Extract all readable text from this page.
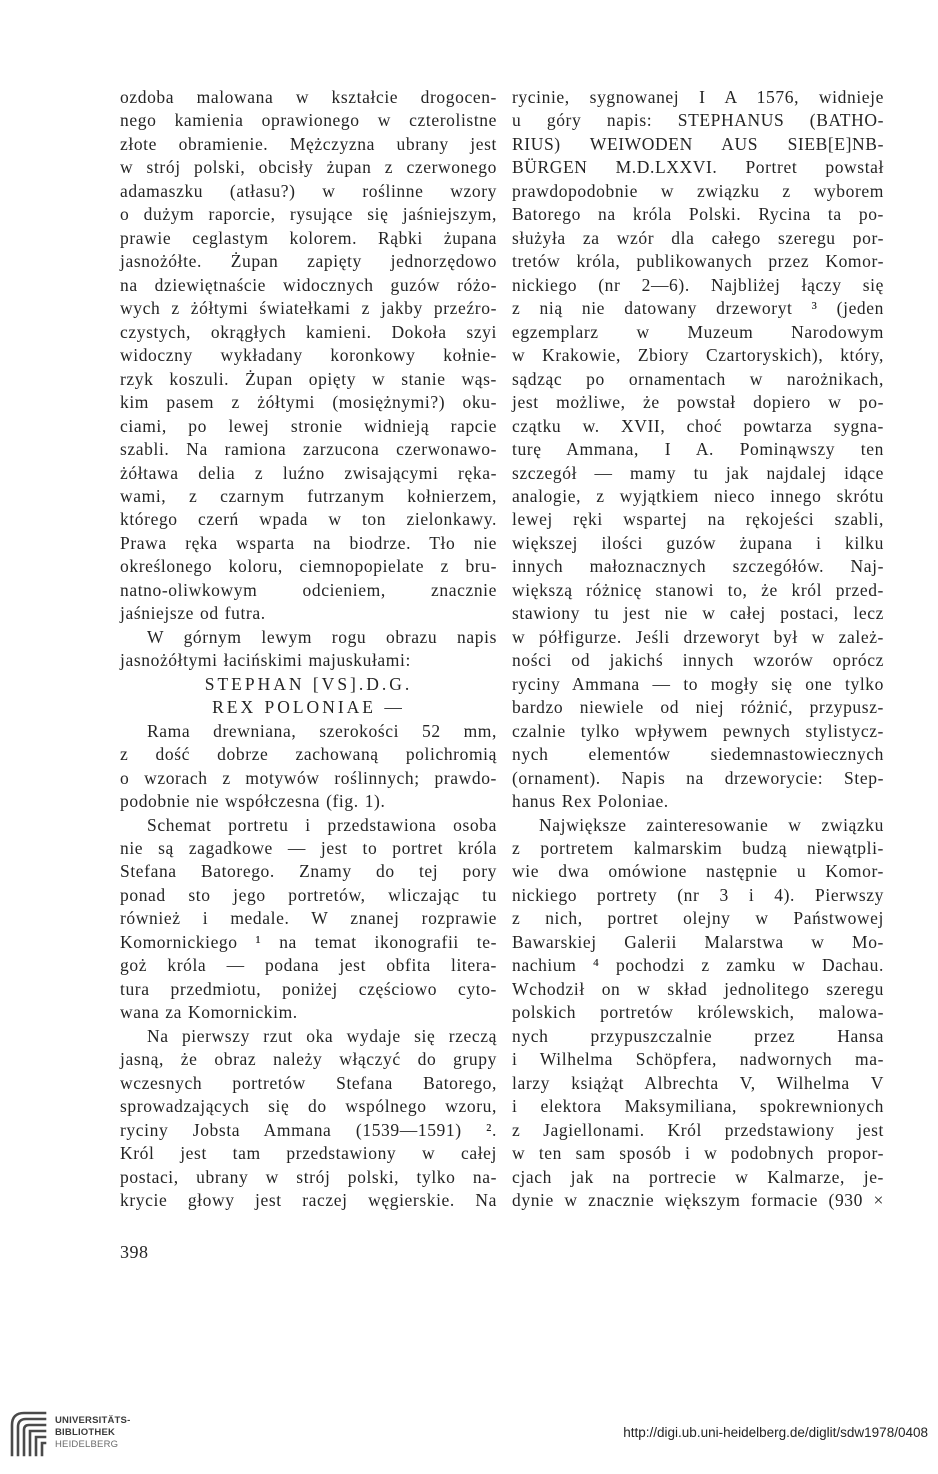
ozdoba malowana w kształcie drogocen-
nego kamienia oprawionego w czterolistne
złote obramienie. Mężczyzna ubrany jest
w strój polski, obcisły żupan z czerwonego
adamaszku (atłasu?) w roślinne wzory
o dużym raporcie, rysujące się jaśniejszym,
prawie ceglastym kolorem. Rąbki żupana
jasnożółte. Żupan zapięty jednorzędowo
na dziewiętnaście widocznych guzów różo-
wych z żółtymi światełkami z jakby przeźro-
czystych, okrągłych kamieni. Dokoła szyi
widoczny wykładany koronkowy kołnie-
rzyk koszuli. Żupan opięty w stanie wąs-
kim pasem z żółtymi (mosiężnymi?) oku-
ciami, po lewej stronie widnieją rapcie
szabli. Na ramiona zarzucona czerwonawo-
żółtawa delia z luźno zwisającymi ręka-
wami, z czarnym futrzanym kołnierzem,
którego czerń wpada w ton zielonkawy.
Prawa ręka wsparta na biodrze. Tło nie
określonego koloru, ciemnopopielate z bru-
natno-oliwkowym odcieniem, znacznie
jaśniejsze od futra.
W górnym lewym rogu obrazu napis
jasnożółtymi łacińskimi majuskułami:
STEPHAN [VS].D.G.
REX POLONIAE —
Rama drewniana, szerokości 52 mm,
z dość dobrze zachowaną polichromią
o wzorach z motywów roślinnych; prawdo-
podobnie nie współczesna (fig. 1).
Schemat portretu i przedstawiona osoba
nie są zagadkowe — jest to portret króla
Stefana Batorego. Znamy do tej pory
ponad sto jego portretów, wliczając tu
również i medale. W znanej rozprawie
Komornickiego ¹ na temat ikonografii te-
goż króla — podana jest obfita litera-
tura przedmiotu, poniżej częściowo cyto-
wana za Komornickim.
Na pierwszy rzut oka wydaje się rzeczą
jasną, że obraz należy włączyć do grupy
wczesnych portretów Stefana Batorego,
sprowadzających się do wspólnego wzoru,
ryciny Jobsta Ammana (1539—1591) ².
Król jest tam przedstawiony w całej
postaci, ubrany w strój polski, tylko na-
krycie głowy jest raczej węgierskie. Na
rycinie, sygnowanej I A 1576, widnieje
u góry napis: STEPHANUS (BATHO-
RIUS) WEIWODEN AUS SIEB[E]NB-
BÜRGEN M.D.LXXVI. Portret powstał
prawdopodobnie w związku z wyborem
Batorego na króla Polski. Rycina ta po-
służyła za wzór dla całego szeregu por-
tretów króla, publikowanych przez Komor-
nickiego (nr 2—6). Najbliżej łączy się
z nią nie datowany drzeworyt ³ (jeden
egzemplarz w Muzeum Narodowym
w Krakowie, Zbiory Czartoryskich), który,
sądząc po ornamentach w narożnikach,
jest możliwe, że powstał dopiero w po-
czątku w. XVII, choć powtarza sygna-
turę Ammana, I A. Pominąwszy ten
szczegół — mamy tu jak najdalej idące
analogie, z wyjątkiem nieco innego skrótu
lewej ręki wspartej na rękojeści szabli,
większej ilości guzów żupana i kilku
innych małoznacznych szczegółów. Naj-
większą różnicę stanowi to, że król przed-
stawiony tu jest nie w całej postaci, lecz
w półfigurze. Jeśli drzeworyt był w zależ-
ności od jakichś innych wzorów oprócz
ryciny Ammana — to mogły się one tylko
bardzo niewiele od niej różnić, przypusz-
czalnie tylko wpływem pewnych stylistycz-
nych elementów siedemnastowiecznych
(ornament). Napis na drzeworycie: Step-
hanus Rex Poloniae.
Największe zainteresowanie w związku
z portretem kalmarskim budzą niewątpli-
wie dwa omówione następnie u Komor-
nickiego portrety (nr 3 i 4). Pierwszy
z nich, portret olejny w Państwowej
Bawarskiej Galerii Malarstwa w Mo-
nachium ⁴ pochodzi z zamku w Dachau.
Wchodził on w skład jednolitego szeregu
polskich portretów królewskich, malowa-
nych przypuszczalnie przez Hansa
i Wilhelma Schöpfera, nadwornych ma-
larzy książąt Albrechta V, Wilhelma V
i elektora Maksymiliana, spokrewnionych
z Jagiellonami. Król przedstawiony jest
w ten sam sposób i w podobnych propor-
cjach jak na portrecie w Kalmarze, je-
dynie w znacznie większym formacie (930 ×
398
UNIVERSITÄTS-
BIBLIOTHEK
HEIDELBERG
http://digi.ub.uni-heidelberg.de/diglit/sdw1978/0408
